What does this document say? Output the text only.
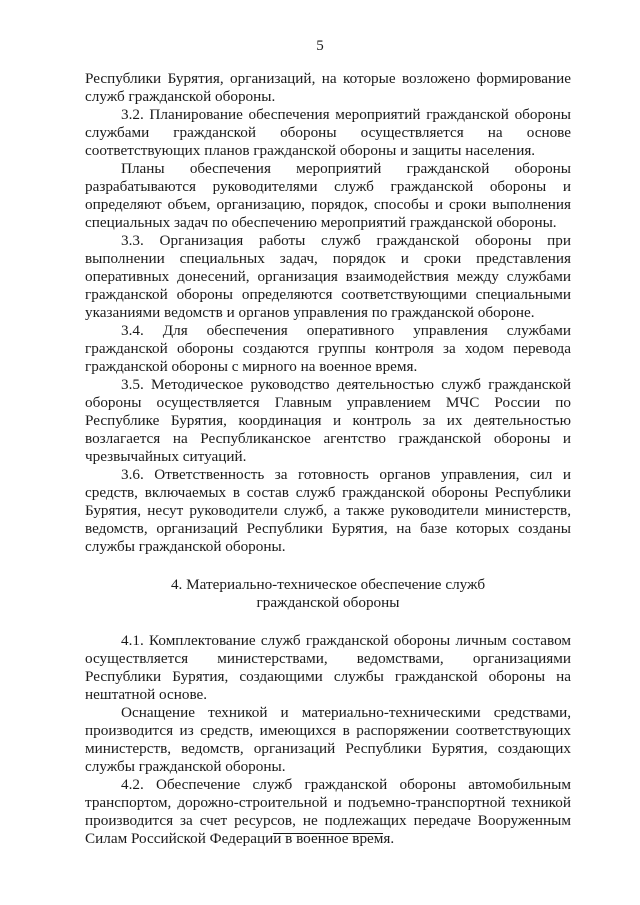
5

Республики Бурятия, организаций, на которые возложено формирование служб гражданской обороны.

3.2. Планирование обеспечения мероприятий гражданской обороны службами гражданской обороны осуществляется на основе соответствующих планов гражданской обороны и защиты населения.

Планы обеспечения мероприятий гражданской обороны разрабатываются руководителями служб гражданской обороны и определяют объем, организацию, порядок, способы и сроки выполнения специальных задач по обеспечению мероприятий гражданской обороны.

3.3. Организация работы служб гражданской обороны при выполнении специальных задач, порядок и сроки представления оперативных донесений, организация взаимодействия между службами гражданской обороны определяются соответствующими специальными указаниями ведомств и органов управления по гражданской обороне.

3.4. Для обеспечения оперативного управления службами гражданской обороны создаются группы контроля за ходом перевода гражданской обороны с мирного на военное время.

3.5. Методическое руководство деятельностью служб гражданской обороны осуществляется Главным управлением МЧС России по Республике Бурятия, координация и контроль за их деятельностью возлагается на Республиканское агентство гражданской обороны и чрезвычайных ситуаций.

3.6. Ответственность за готовность органов управления, сил и средств, включаемых в состав служб гражданской обороны Республики Бурятия, несут руководители служб, а также руководители министерств, ведомств, организаций Республики Бурятия, на базе которых созданы службы гражданской обороны.

4. Материально-техническое обеспечение служб
гражданской обороны

4.1. Комплектование служб гражданской обороны личным составом осуществляется министерствами, ведомствами, организациями Республики Бурятия, создающими службы гражданской обороны на нештатной основе.

Оснащение техникой и материально-техническими средствами, производится из средств, имеющихся в распоряжении соответствующих министерств, ведомств, организаций Республики Бурятия, создающих службы гражданской обороны.

4.2. Обеспечение служб гражданской обороны автомобильным транспортом, дорожно-строительной и подъемно-транспортной техникой производится за счет ресурсов, не подлежащих передаче Вооруженным Силам Российской Федерации в военное время.
